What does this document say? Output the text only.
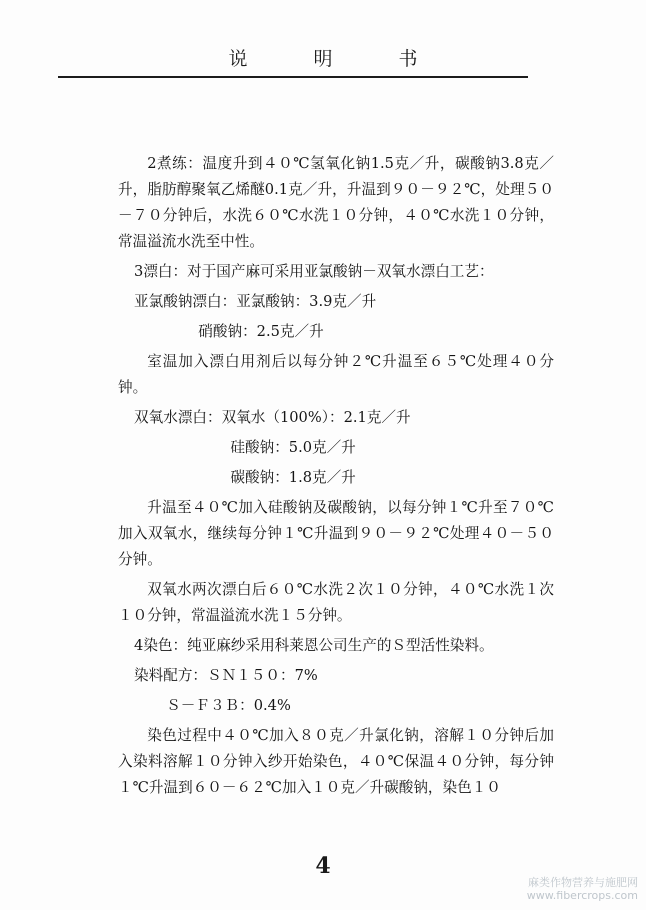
说 明 书

2煮练：温度升到４０℃氢氧化钠1.5克／升，碳酸钠3.8克／升，脂肪醇聚氧乙烯醚0.1克／升，升温到９０－９２℃，处理５０－７０分钟后，水洗６０℃水洗１０分钟，４０℃水洗１０分钟，常温溢流水洗至中性。

3漂白：对于国产麻可采用亚氯酸钠－双氧水漂白工艺：
亚氯酸钠漂白：亚氯酸钠：3.9克／升
硝酸钠：2.5克／升

室温加入漂白用剂后以每分钟２℃升温至６５℃处理４０分钟。

双氧水漂白：双氧水（100%）：2.1克／升
硅酸钠：5.0克／升
碳酸钠：1.8克／升

升温至４０℃加入硅酸钠及碳酸钠，以每分钟１℃升至７０℃加入双氧水，继续每分钟１℃升温到９０－９２℃处理４０－５０分钟。

双氧水两次漂白后６０℃水洗２次１０分钟，４０℃水洗１次１０分钟，常温溢流水洗１５分钟。

4染色：纯亚麻纱采用科莱恩公司生产的Ｓ型活性染料。
染料配方：ＳＮ１５０：7%
Ｓ－Ｆ３Ｂ：0.4%

染色过程中４０℃加入８０克／升氯化钠，溶解１０分钟后加入染料溶解１０分钟入纱开始染色，４０℃保温４０分钟，每分钟１℃升温到６０－６２℃加入１０克／升碳酸钠，染色１０

4
麻类作物营养与施肥网
www.fibercrops.com
